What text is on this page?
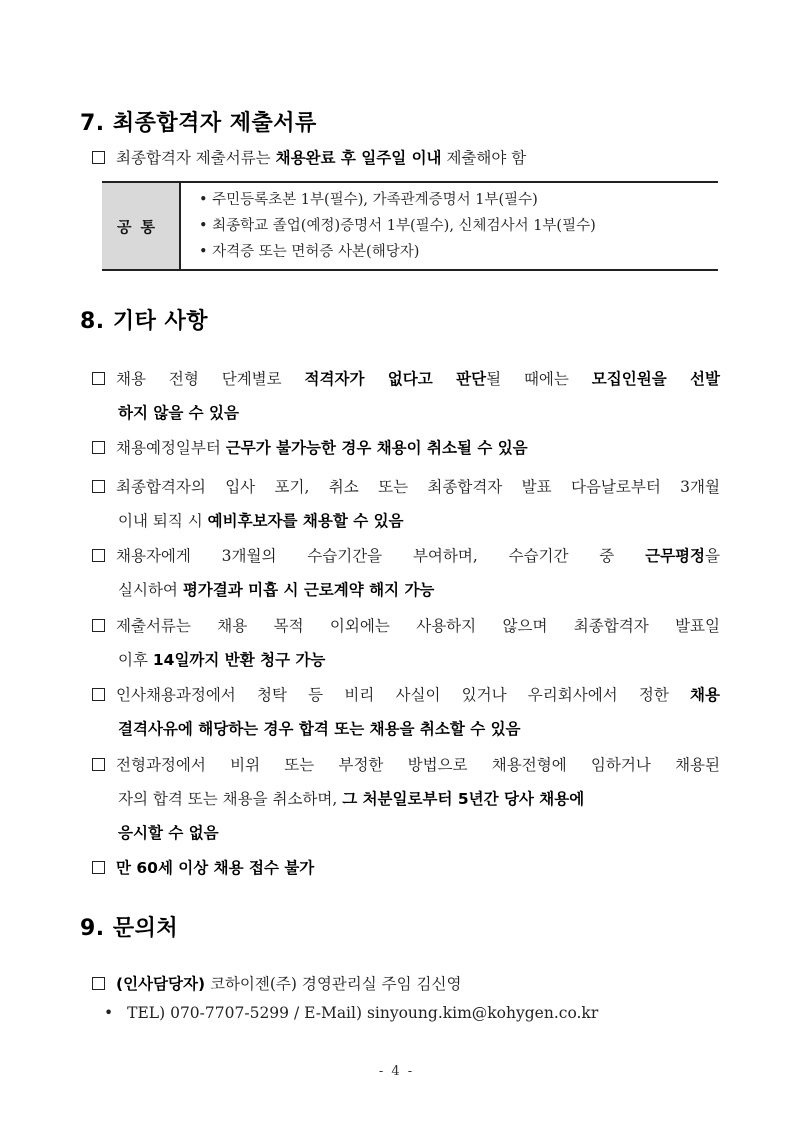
7. 최종합격자 제출서류
최종합격자 제출서류는 채용완료 후 일주일 이내 제출해야 함
공통	
• 주민등록초본 1부(필수), 가족관계증명서 1부(필수)
• 최종학교 졸업(예정)증명서 1부(필수), 신체검사서 1부(필수)
• 자격증 또는 면허증 사본(해당자)
8. 기타 사항
채용 전형 단계별로 적격자가 없다고 판단될 때에는 모집인원을 선발
하지 않을 수 있음
채용예정일부터 근무가 불가능한 경우 채용이 취소될 수 있음
최종합격자의 입사 포기, 취소 또는 최종합격자 발표 다음날로부터 3개월
이내 퇴직 시 예비후보자를 채용할 수 있음
채용자에게 3개월의 수습기간을 부여하며, 수습기간 중 근무평정을
실시하여 평가결과 미흡 시 근로계약 해지 가능
제출서류는 채용 목적 이외에는 사용하지 않으며 최종합격자 발표일
이후 14일까지 반환 청구 가능
인사채용과정에서 청탁 등 비리 사실이 있거나 우리회사에서 정한 채용
결격사유에 해당하는 경우 합격 또는 채용을 취소할 수 있음
전형과정에서 비위 또는 부정한 방법으로 채용전형에 임하거나 채용된
자의 합격 또는 채용을 취소하며, 그 처분일로부터 5년간 당사 채용에
응시할 수 없음
만 60세 이상 채용 접수 불가
9. 문의처
(인사담당자) 코하이젠(주) 경영관리실 주임 김신영
• TEL) 070-7707-5299 / E-Mail) sinyoung.kim@kohygen.co.kr
- 4 -
